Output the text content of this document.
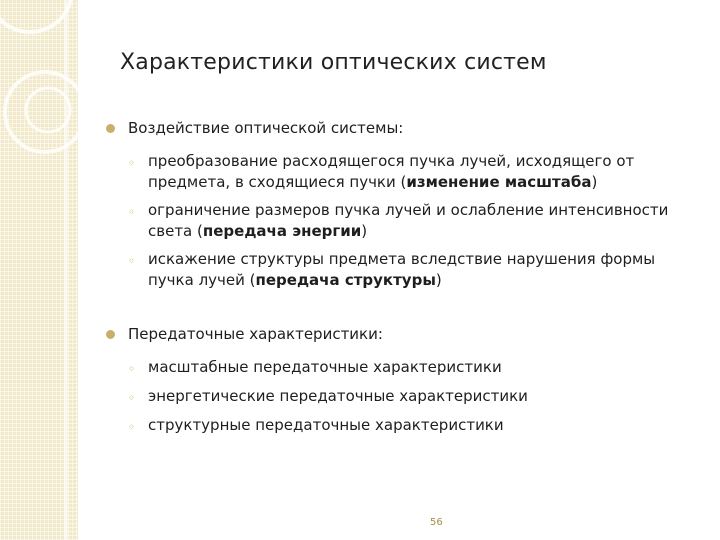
Характеристики оптических систем
Воздействие оптической системы:
◦ преобразование расходящегося пучка лучей, исходящего от предмета, в сходящиеся пучки (изменение масштаба)
◦ ограничение размеров пучка лучей и ослабление интенсивности света (передача энергии)
◦ искажение структуры предмета вследствие нарушения формы пучка лучей (передача структуры)
Передаточные характеристики:
◦ масштабные передаточные характеристики
◦ энергетические передаточные характеристики
◦ структурные передаточные характеристики
56
